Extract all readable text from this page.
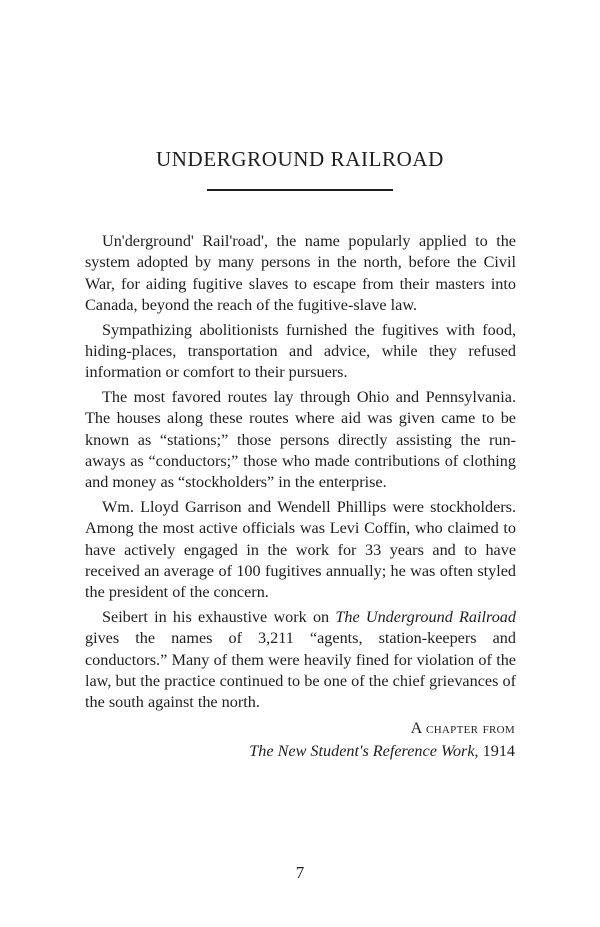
UNDERGROUND RAILROAD

Un'derground' Rail'road', the name popularly applied to the system adopted by many persons in the north, before the Civil War, for aiding fugitive slaves to escape from their masters into Canada, beyond the reach of the fugitive-slave law.

Sympathizing abolitionists furnished the fugitives with food, hiding-places, transportation and advice, while they refused information or comfort to their pursuers.

The most favored routes lay through Ohio and Pennsylvania. The houses along these routes where aid was given came to be known as “stations;” those persons directly assisting the run-aways as “conductors;” those who made contributions of clothing and money as “stockholders” in the enterprise.

Wm. Lloyd Garrison and Wendell Phillips were stockholders. Among the most active officials was Levi Coffin, who claimed to have actively engaged in the work for 33 years and to have received an average of 100 fugitives annually; he was often styled the president of the concern.

Seibert in his exhaustive work on The Underground Railroad gives the names of 3,211 “agents, station-keepers and conductors.” Many of them were heavily fined for violation of the law, but the practice continued to be one of the chief grievances of the south against the north.

A chapter from
The New Student's Reference Work, 1914
7
